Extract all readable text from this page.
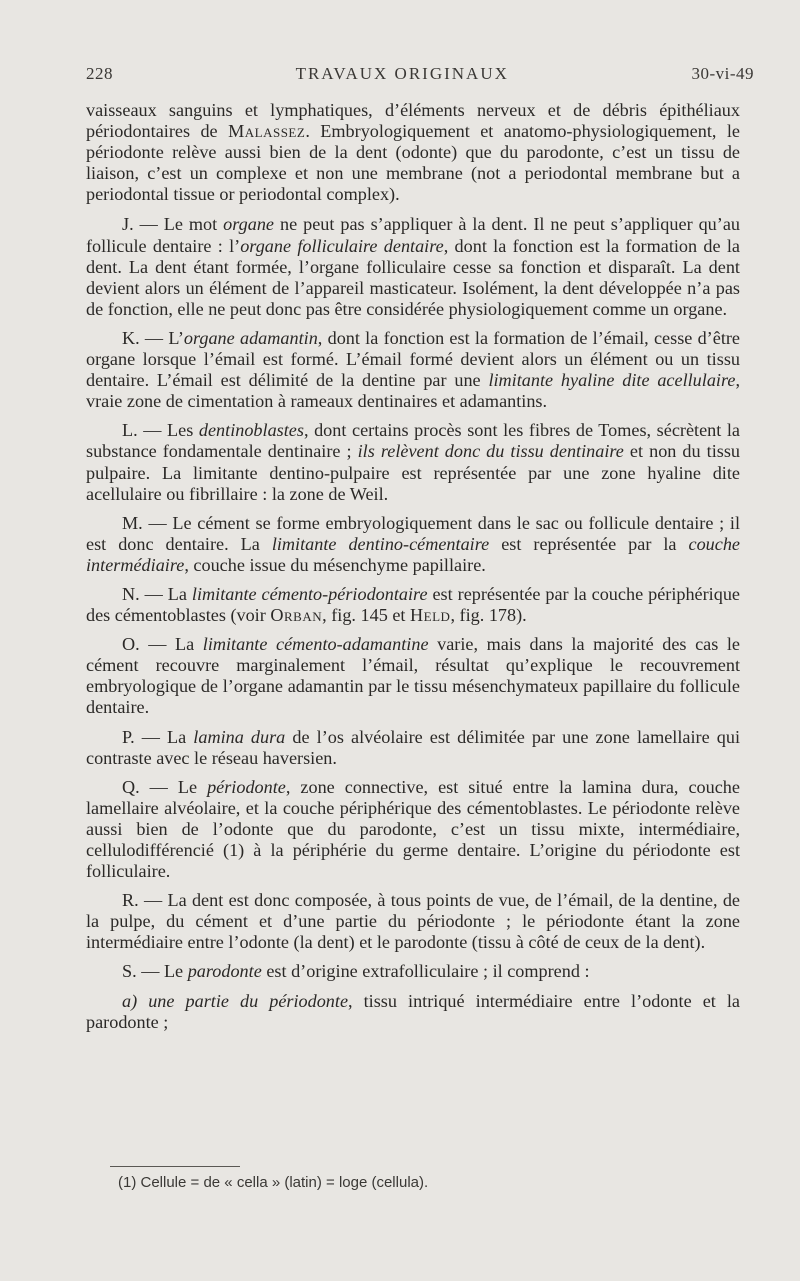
228	TRAVAUX ORIGINAUX	30-vi-49

vaisseaux sanguins et lymphatiques, d’éléments nerveux et de débris épithéliaux périodontaires de Malassez. Embryologiquement et anatomo-physiologiquement, le périodonte relève aussi bien de la dent (odonte) que du parodonte, c’est un tissu de liaison, c’est un complexe et non une membrane (not a periodontal membrane but a periodontal tissue or periodontal complex).

J. — Le mot organe ne peut pas s’appliquer à la dent. Il ne peut s’appliquer qu’au follicule dentaire : l’organe folliculaire dentaire, dont la fonction est la formation de la dent. La dent étant formée, l’organe folliculaire cesse sa fonction et disparaît. La dent devient alors un élément de l’appareil masticateur. Isolément, la dent développée n’a pas de fonction, elle ne peut donc pas être considérée physiologiquement comme un organe.

K. — L’organe adamantin, dont la fonction est la formation de l’émail, cesse d’être organe lorsque l’émail est formé. L’émail formé devient alors un élément ou un tissu dentaire. L’émail est délimité de la dentine par une limitante hyaline dite acellulaire, vraie zone de cimentation à rameaux dentinaires et adamantins.

L. — Les dentinoblastes, dont certains procès sont les fibres de Tomes, sécrètent la substance fondamentale dentinaire ; ils relèvent donc du tissu dentinaire et non du tissu pulpaire. La limitante dentino-pulpaire est représentée par une zone hyaline dite acellulaire ou fibrillaire : la zone de Weil.

M. — Le cément se forme embryologiquement dans le sac ou follicule dentaire ; il est donc dentaire. La limitante dentino-cémentaire est représentée par la couche intermédiaire, couche issue du mésenchyme papillaire.

N. — La limitante cémento-périodontaire est représentée par la couche périphérique des cémentoblastes (voir Orban, fig. 145 et Held, fig. 178).

O. — La limitante cémento-adamantine varie, mais dans la majorité des cas le cément recouvre marginalement l’émail, résultat qu’explique le recouvrement embryologique de l’organe adamantin par le tissu mésenchymateux papillaire du follicule dentaire.

P. — La lamina dura de l’os alvéolaire est délimitée par une zone lamellaire qui contraste avec le réseau haversien.

Q. — Le périodonte, zone connective, est situé entre la lamina dura, couche lamellaire alvéolaire, et la couche périphérique des cémentoblastes. Le périodonte relève aussi bien de l’odonte que du parodonte, c’est un tissu mixte, intermédiaire, cellulodifférencié (1) à la périphérie du germe dentaire. L’origine du périodonte est folliculaire.

R. — La dent est donc composée, à tous points de vue, de l’émail, de la dentine, de la pulpe, du cément et d’une partie du périodonte ; le périodonte étant la zone intermédiaire entre l’odonte (la dent) et le parodonte (tissu à côté de ceux de la dent).

S. — Le parodonte est d’origine extrafolliculaire ; il comprend :

a) une partie du périodonte, tissu intriqué intermédiaire entre l’odonte et la parodonte ;

(1) Cellule = de « cella » (latin) = loge (cellula).
